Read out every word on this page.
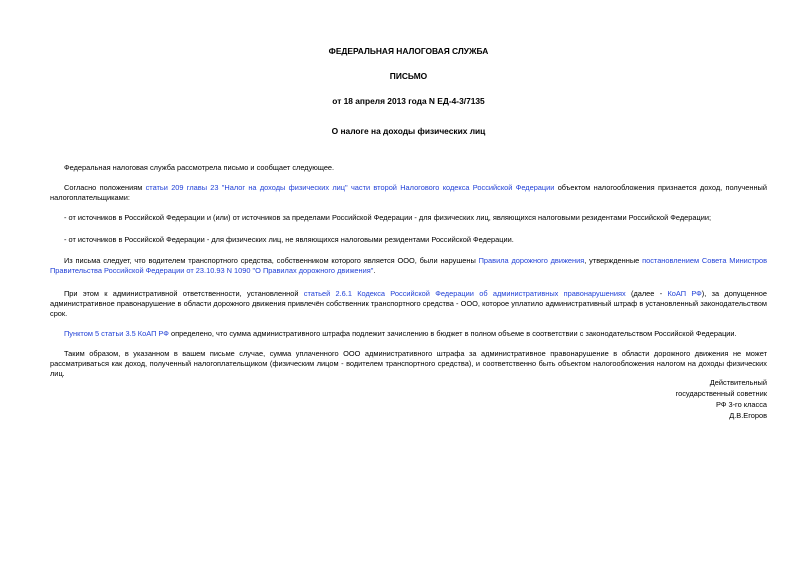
ФЕДЕРАЛЬНАЯ НАЛОГОВАЯ СЛУЖБА
ПИСЬМО
от 18 апреля 2013 года N ЕД-4-3/7135
О налоге на доходы физических лиц

Федеральная налоговая служба рассмотрела письмо и сообщает следующее.

Согласно положениям статьи 209 главы 23 "Налог на доходы физических лиц" части второй Налогового кодекса Российской Федерации объектом налогообложения признается доход, полученный налогоплательщиками:

- от источников в Российской Федерации и (или) от источников за пределами Российской Федерации - для физических лиц, являющихся налоговыми резидентами Российской Федерации;

- от источников в Российской Федерации - для физических лиц, не являющихся налоговыми резидентами Российской Федерации.

Из письма следует, что водителем транспортного средства, собственником которого является ООО, были нарушены Правила дорожного движения, утвержденные постановлением Совета Министров Правительства Российской Федерации от 23.10.93 N 1090 "О Правилах дорожного движения".

При этом к административной ответственности, установленной статьей 2.6.1 Кодекса Российской Федерации об административных правонарушениях (далее - КоАП РФ), за допущенное административное правонарушение в области дорожного движения привлечён собственник транспортного средства - ООО, которое уплатило административный штраф в установленный законодательством срок.

Пунктом 5 статьи 3.5 КоАП РФ определено, что сумма административного штрафа подлежит зачислению в бюджет в полном объеме в соответствии с законодательством Российской Федерации.

Таким образом, в указанном в вашем письме случае, сумма уплаченного ООО административного штрафа за административное правонарушение в области дорожного движения не может рассматриваться как доход, полученный налогоплательщиком (физическим лицом - водителем транспортного средства), и соответственно быть объектом налогообложения налогом на доходы физических лиц.

Действительный
государственный советник
РФ 3-го класса
Д.В.Егоров
